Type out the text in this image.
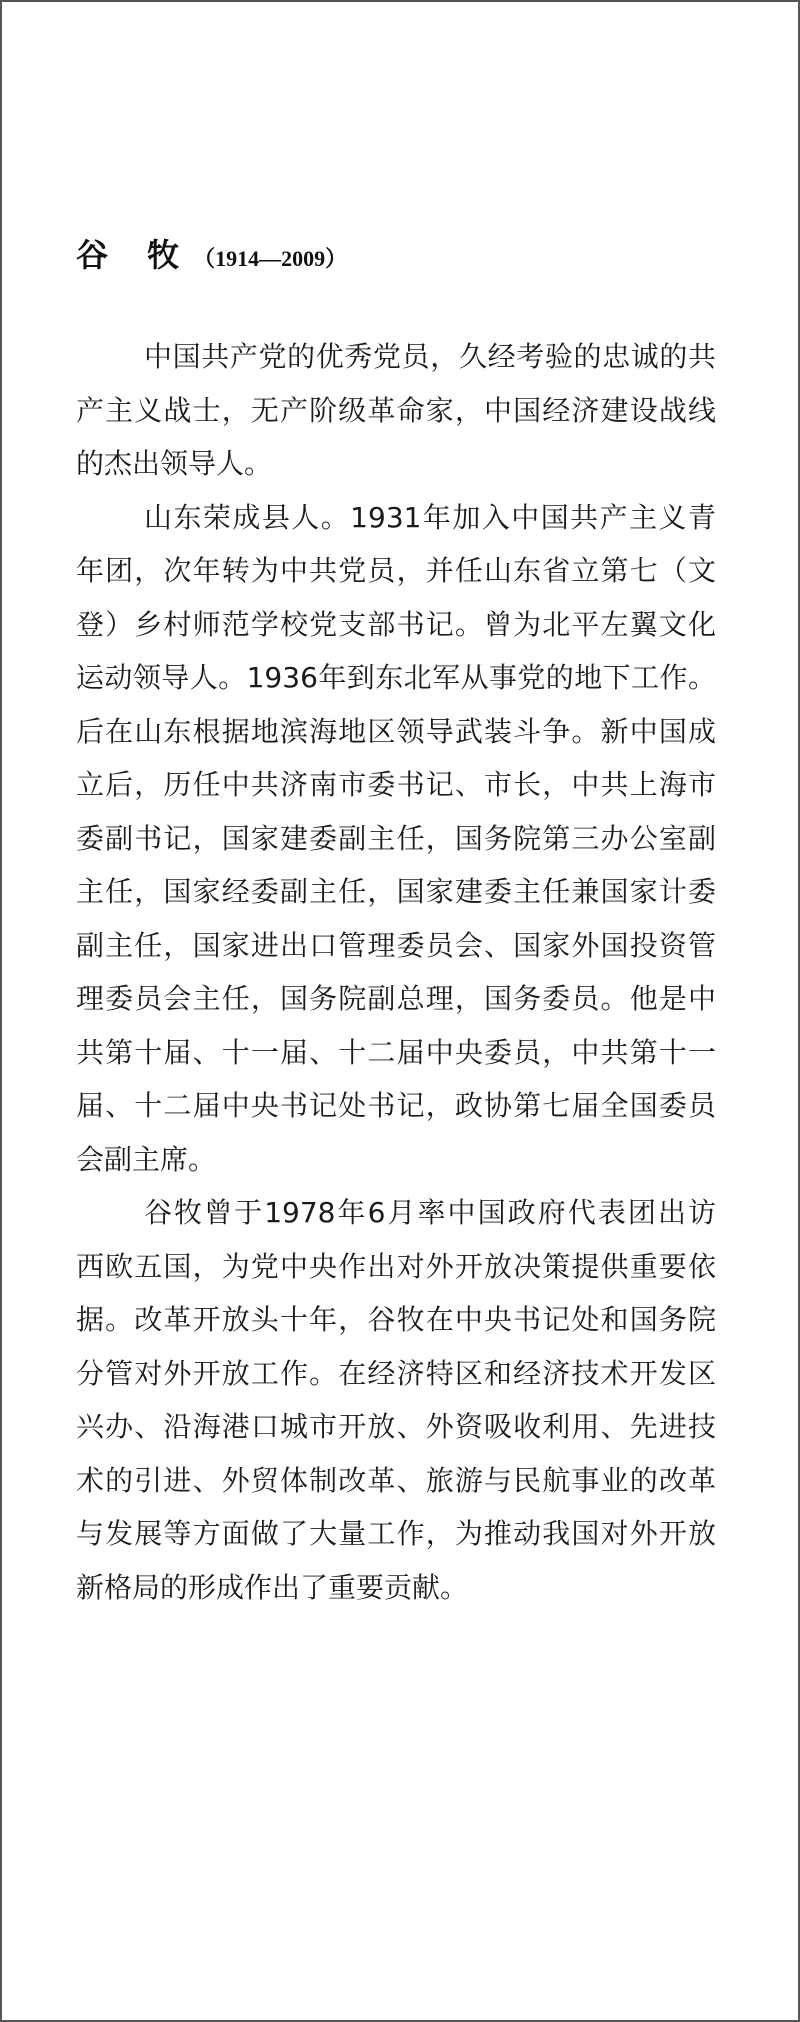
谷 牧（1914—2009）
中国共产党的优秀党员，久经考验的忠诚的共
产主义战士，无产阶级革命家，中国经济建设战线
的杰出领导人。
山东荣成县人。1931年加入中国共产主义青
年团，次年转为中共党员，并任山东省立第七（文
登）乡村师范学校党支部书记。曾为北平左翼文化
运动领导人。1936年到东北军从事党的地下工作。
后在山东根据地滨海地区领导武装斗争。新中国成
立后，历任中共济南市委书记、市长，中共上海市
委副书记，国家建委副主任，国务院第三办公室副
主任，国家经委副主任，国家建委主任兼国家计委
副主任，国家进出口管理委员会、国家外国投资管
理委员会主任，国务院副总理，国务委员。他是中
共第十届、十一届、十二届中央委员，中共第十一
届、十二届中央书记处书记，政协第七届全国委员
会副主席。
谷牧曾于1978年6月率中国政府代表团出访
西欧五国，为党中央作出对外开放决策提供重要依
据。改革开放头十年，谷牧在中央书记处和国务院
分管对外开放工作。在经济特区和经济技术开发区
兴办、沿海港口城市开放、外资吸收利用、先进技
术的引进、外贸体制改革、旅游与民航事业的改革
与发展等方面做了大量工作，为推动我国对外开放
新格局的形成作出了重要贡献。
